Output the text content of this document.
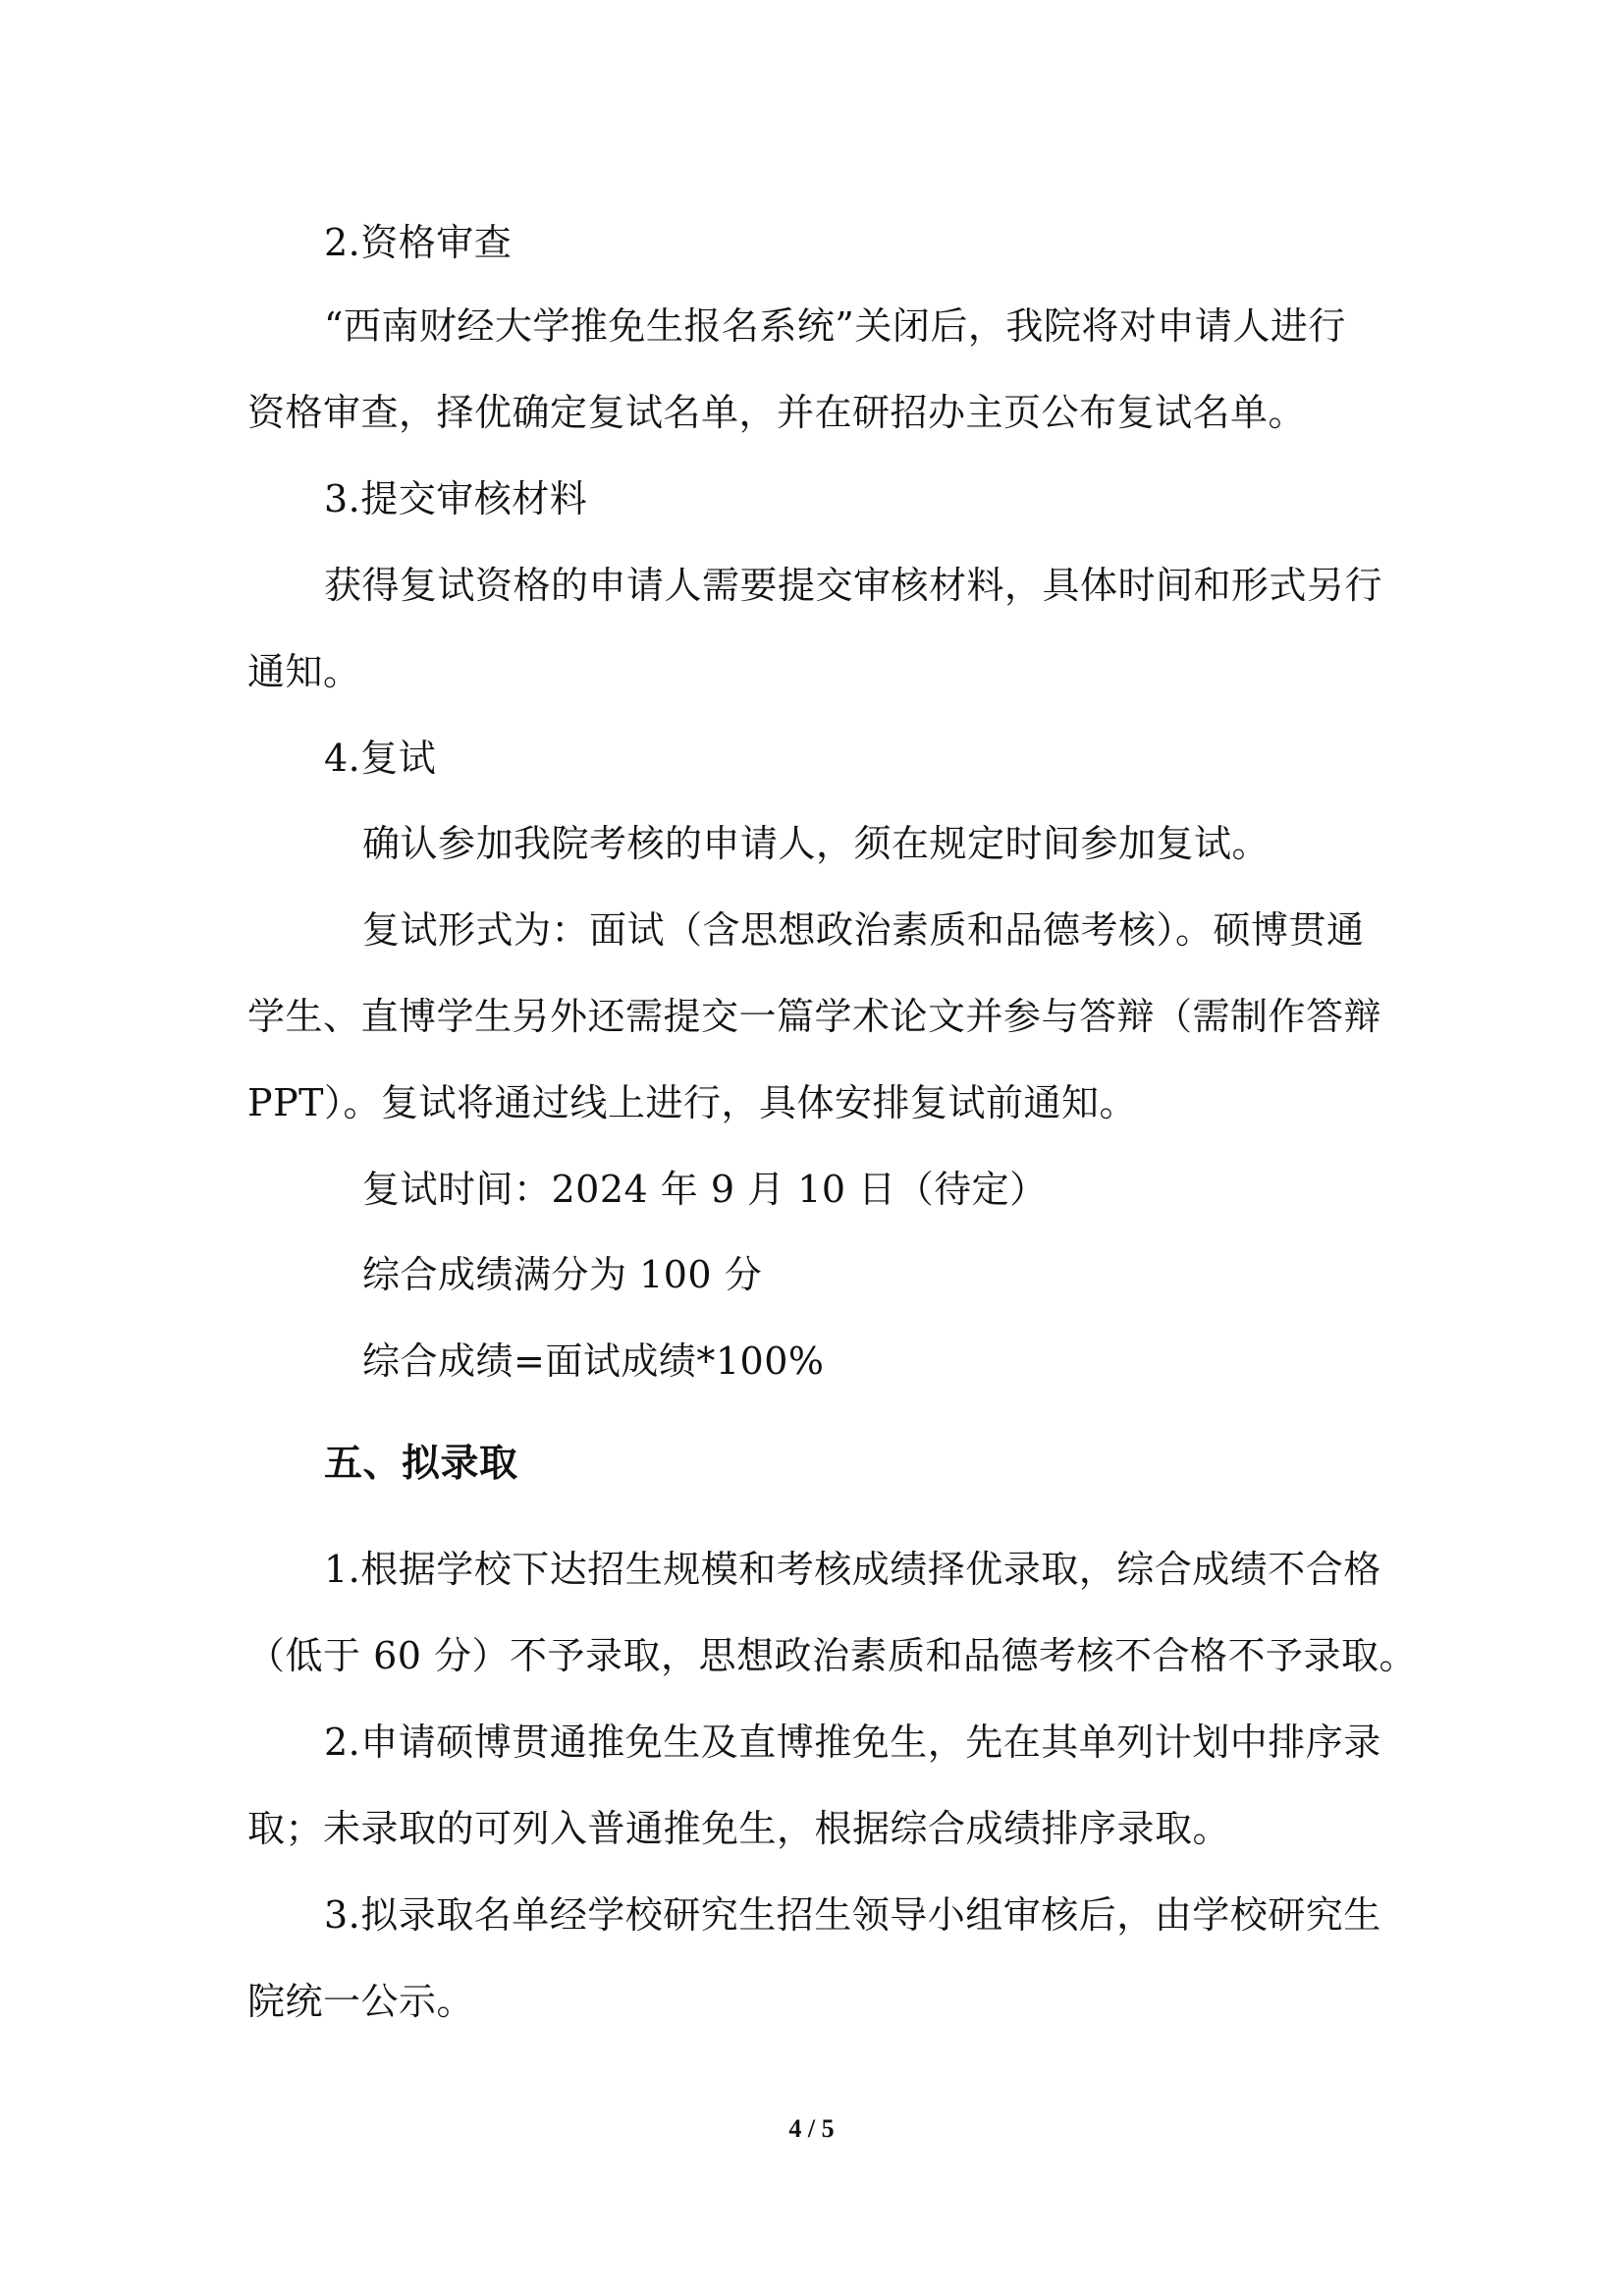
2.资格审查
“西南财经大学推免生报名系统”关闭后，我院将对申请人进行
资格审查，择优确定复试名单，并在研招办主页公布复试名单。
3.提交审核材料
获得复试资格的申请人需要提交审核材料，具体时间和形式另行
通知。
4.复试
确认参加我院考核的申请人，须在规定时间参加复试。
复试形式为：面试（含思想政治素质和品德考核）。硕博贯通
学生、直博学生另外还需提交一篇学术论文并参与答辩（需制作答辩
PPT）。复试将通过线上进行，具体安排复试前通知。
复试时间：2024 年 9 月 10 日（待定）
综合成绩满分为 100 分
综合成绩=面试成绩*100%
五、拟录取
1.根据学校下达招生规模和考核成绩择优录取，综合成绩不合格
（低于 60 分）不予录取，思想政治素质和品德考核不合格不予录取。
2.申请硕博贯通推免生及直博推免生，先在其单列计划中排序录
取；未录取的可列入普通推免生，根据综合成绩排序录取。
3.拟录取名单经学校研究生招生领导小组审核后，由学校研究生
院统一公示。
4 / 5
